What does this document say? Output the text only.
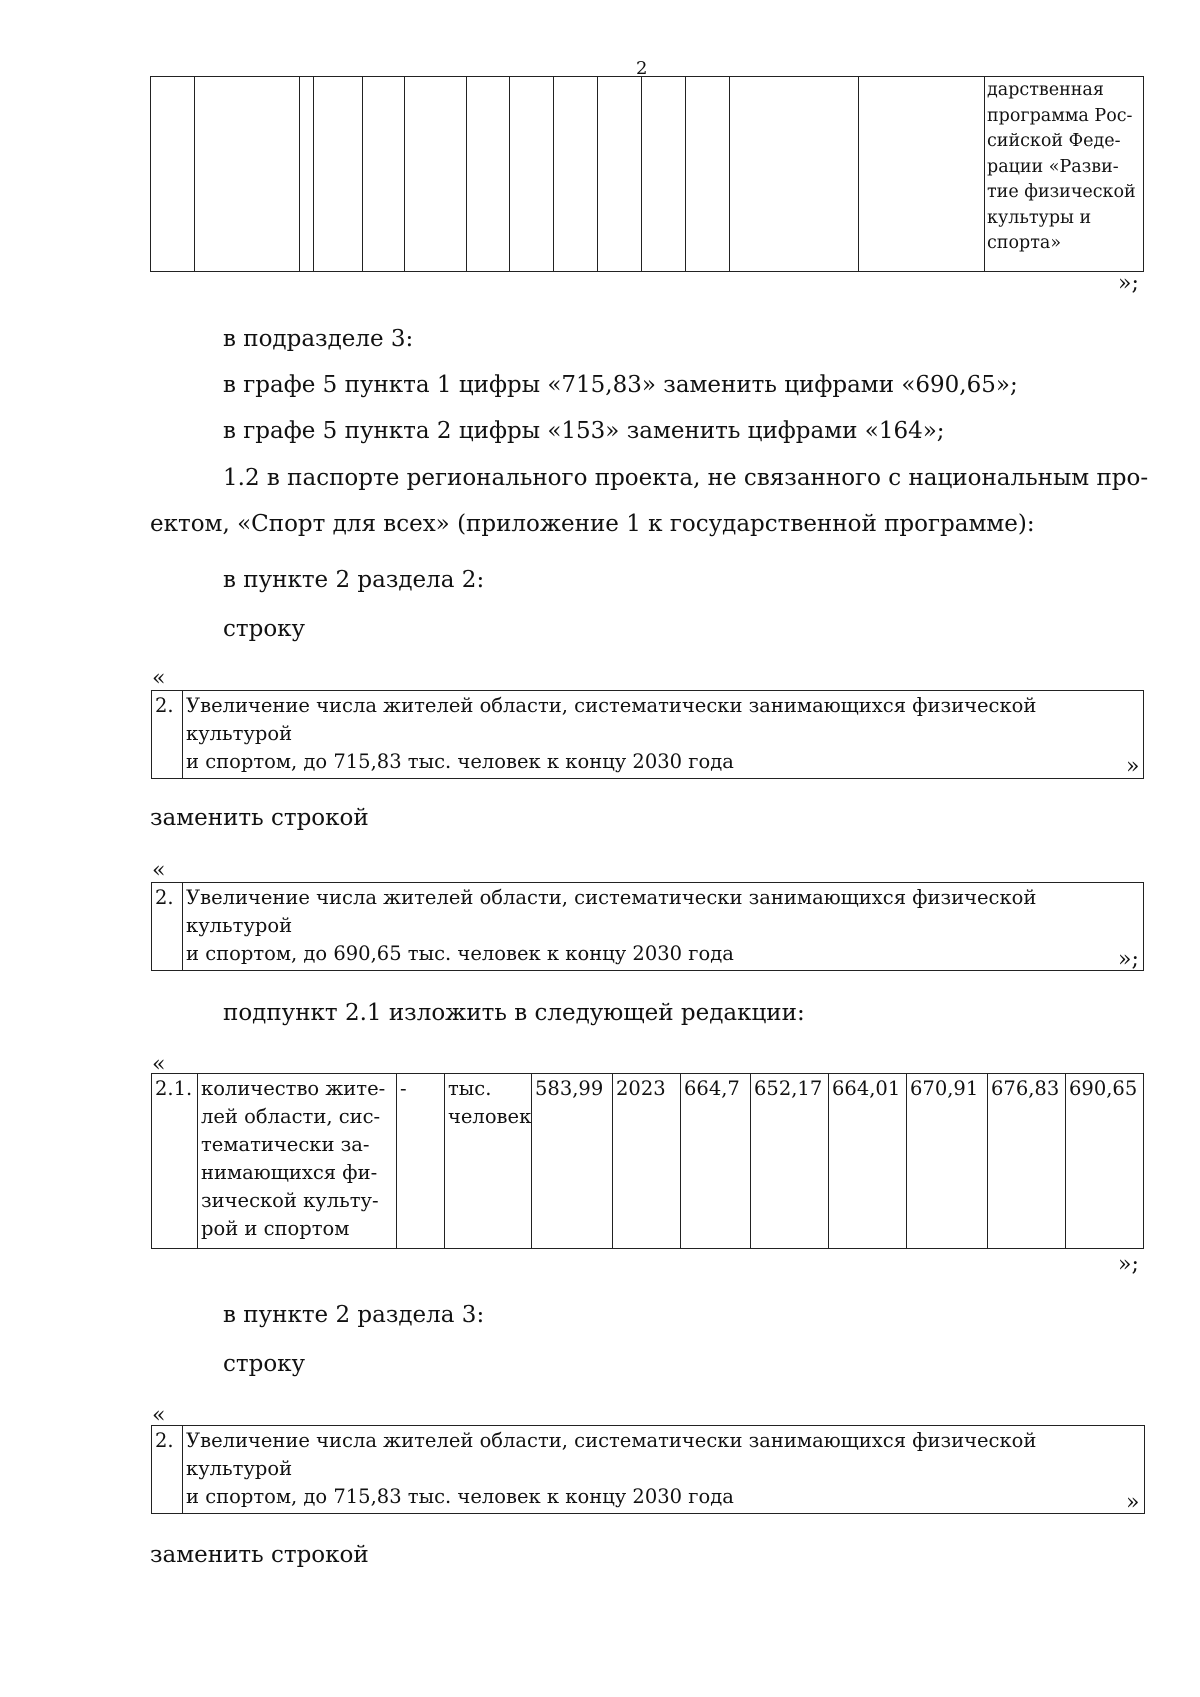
2

дарственная
программа Рос-
сийской Феде-
рации «Разви-
тие физической
культуры и
спорта»
»;
в подразделе 3:
в графе 5 пункта 1 цифры «715,83» заменить цифрами «690,65»;
в графе 5 пункта 2 цифры «153» заменить цифрами «164»;
1.2 в паспорте регионального проекта, не связанного с национальным про-
ектом, «Спорт для всех» (приложение 1 к государственной программе):
в пункте 2 раздела 2:
строку
«
2.	Увеличение числа жителей области, систематически занимающихся физической культурой
и спортом, до 715,83 тыс. человек к концу 2030 года	»
заменить строкой
«
2.	Увеличение числа жителей области, систематически занимающихся физической культурой
и спортом, до 690,65 тыс. человек к концу 2030 года	»;
подпункт 2.1 изложить в следующей редакции:
«
2.1.	количество жите-
лей области, сис-
тематически за-
нимающихся фи-
зической культу-
рой и спортом
	-	тыс.
человек
	583,99	2023	664,7	652,17	664,01	670,91	676,83	690,65
»;
в пункте 2 раздела 3:
строку
«
2.	Увеличение числа жителей области, систематически занимающихся физической культурой
и спортом, до 715,83 тыс. человек к концу 2030 года	»
заменить строкой
